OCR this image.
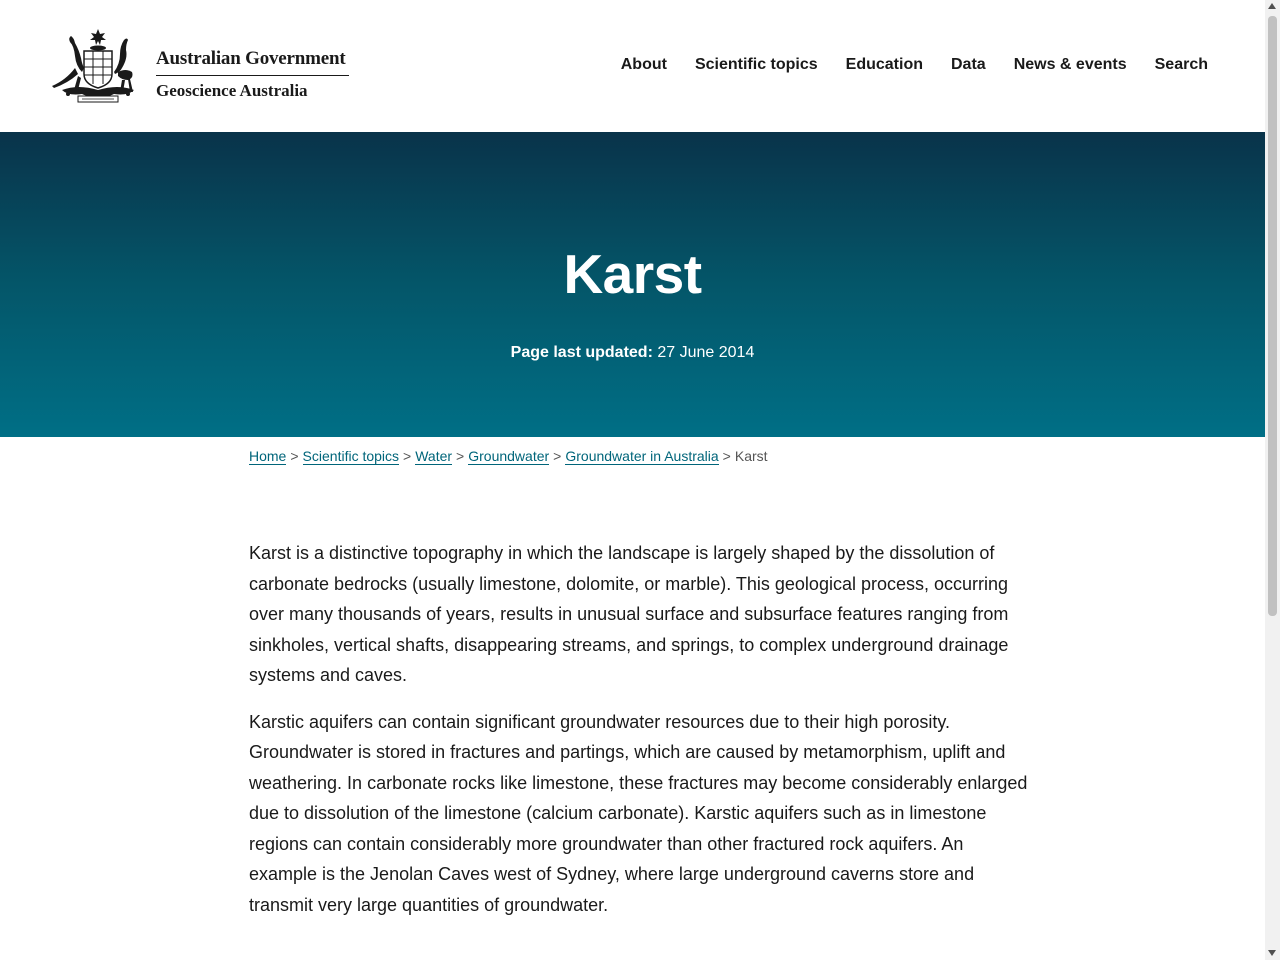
Australian Government
Geoscience Australia
About Scientific topics Education Data News & events Search
Karst
Page last updated: 27 June 2014
Home > Scientific topics > Water > Groundwater > Groundwater in Australia > Karst

Karst is a distinctive topography in which the landscape is largely shaped by the dissolution of carbonate bedrocks (usually limestone, dolomite, or marble). This geological process, occurring over many thousands of years, results in unusual surface and subsurface features ranging from sinkholes, vertical shafts, disappearing streams, and springs, to complex underground drainage systems and caves.

Karstic aquifers can contain significant groundwater resources due to their high porosity. Groundwater is stored in fractures and partings, which are caused by metamorphism, uplift and weathering. In carbonate rocks like limestone, these fractures may become considerably enlarged due to dissolution of the limestone (calcium carbonate). Karstic aquifers such as in limestone regions can contain considerably more groundwater than other fractured rock aquifers. An example is the Jenolan Caves west of Sydney, where large underground caverns store and transmit very large quantities of groundwater.
